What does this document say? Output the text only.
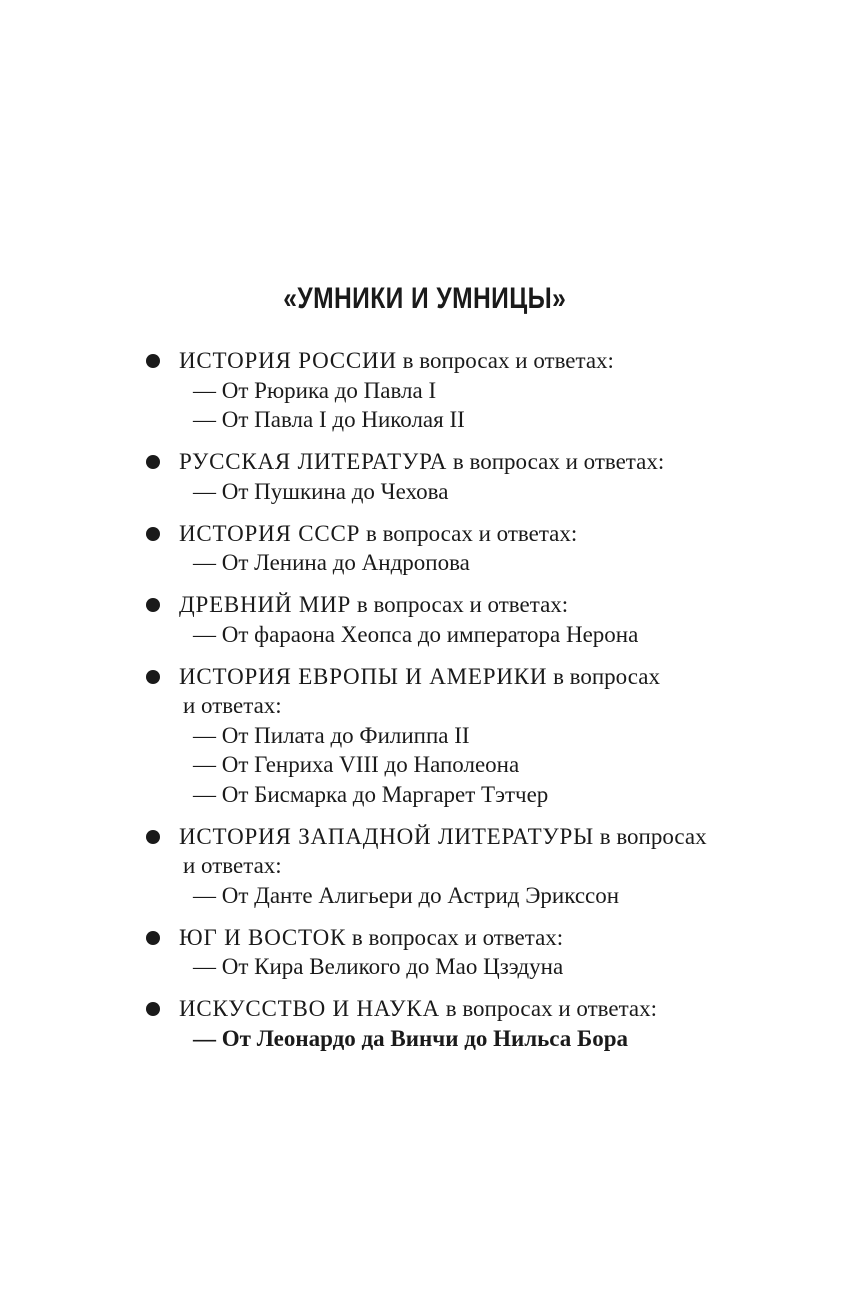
«УМНИКИ И УМНИЦЫ»
ИСТОРИЯ РОССИИ в вопросах и ответах:
— От Рюрика до Павла I
— От Павла I до Николая II
РУССКАЯ ЛИТЕРАТУРА в вопросах и ответах:
— От Пушкина до Чехова
ИСТОРИЯ СССР в вопросах и ответах:
— От Ленина до Андропова
ДРЕВНИЙ МИР в вопросах и ответах:
— От фараона Хеопса до императора Нерона
ИСТОРИЯ ЕВРОПЫ И АМЕРИКИ в вопросах
и ответах:
— От Пилата до Филиппа II
— От Генриха VIII до Наполеона
— От Бисмарка до Маргарет Тэтчер
ИСТОРИЯ ЗАПАДНОЙ ЛИТЕРАТУРЫ в вопросах
и ответах:
— От Данте Алигьери до Астрид Эрикссон
ЮГ И ВОСТОК в вопросах и ответах:
— От Кира Великого до Мао Цзэдуна
ИСКУССТВО И НАУКА в вопросах и ответах:
— От Леонардо да Винчи до Нильса Бора
